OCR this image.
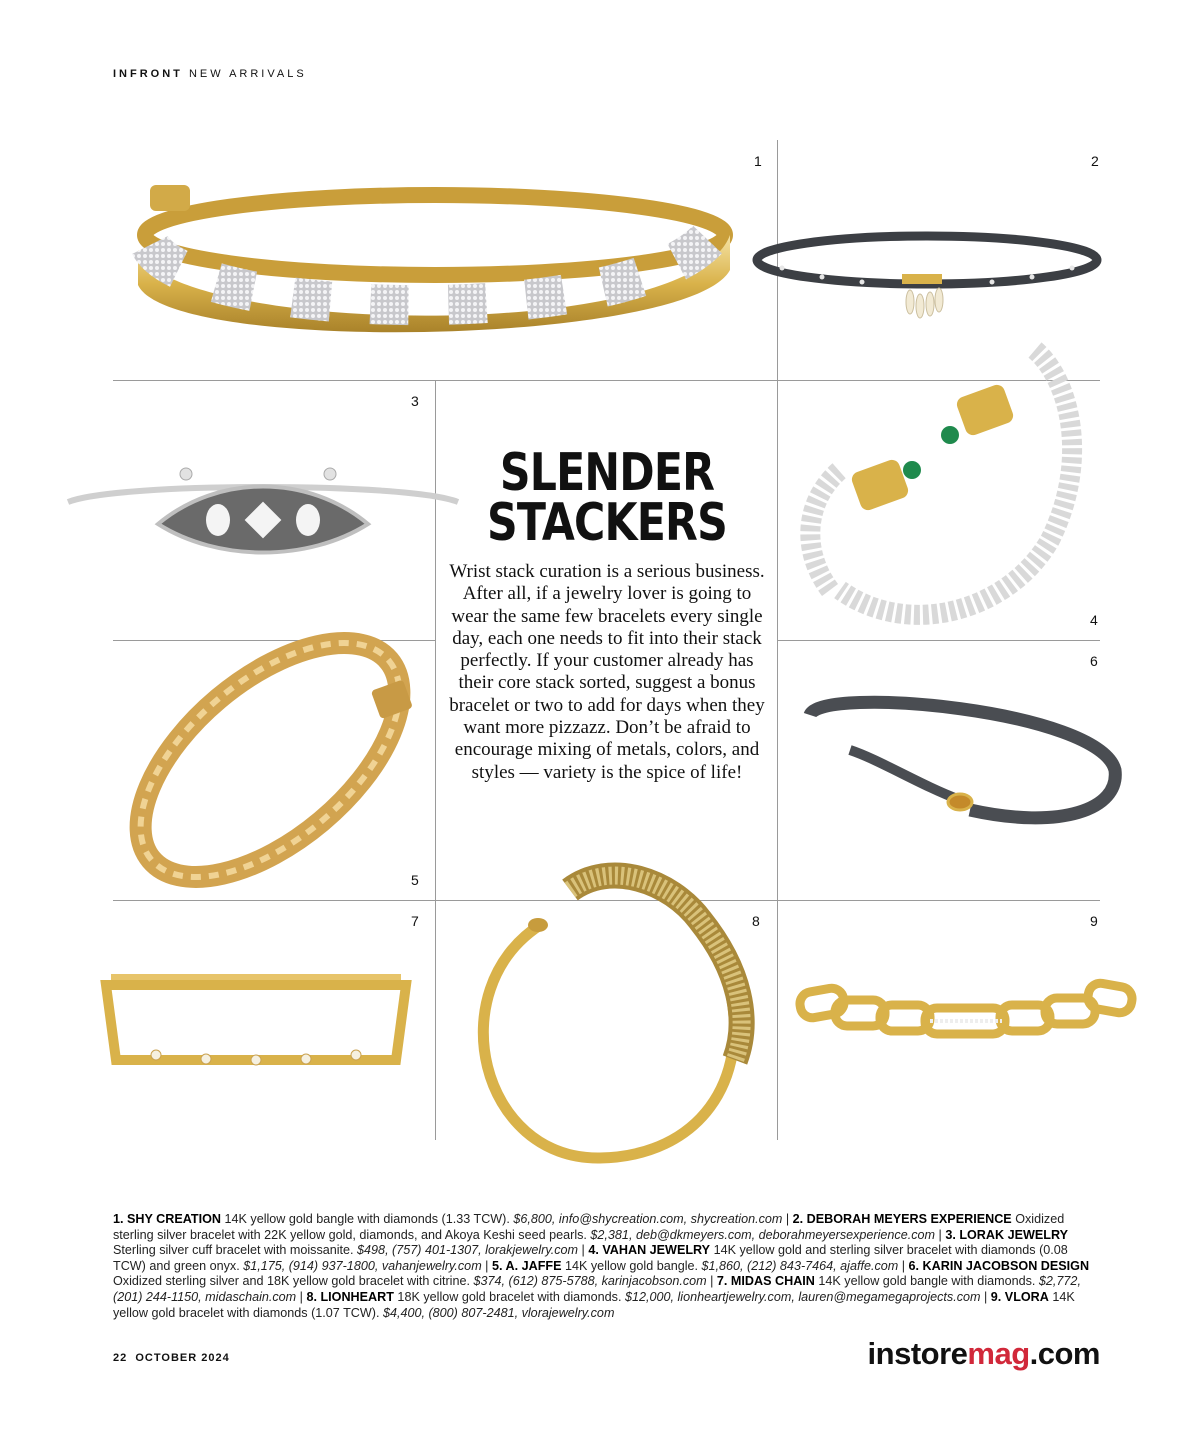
INFRONT NEW ARRIVALS
1	2
3
4
5
6
7	8	9
SLENDER
STACKERS
Wrist stack curation is a serious business. After all, if a jewelry lover is going to wear the same few bracelets every single day, each one needs to fit into their stack perfectly. If your customer already has their core stack sorted, suggest a bonus bracelet or two to add for days when they want more pizzazz. Don’t be afraid to encourage mixing of metals, colors, and styles — variety is the spice of life!
1. SHY CREATION 14K yellow gold bangle with diamonds (1.33 TCW). $6,800, info@shycreation.com, shycreation.com | 2. DEBORAH MEYERS EXPERIENCE Oxidized sterling silver bracelet with 22K yellow gold, diamonds, and Akoya Keshi seed pearls. $2,381, deb@dkmeyers.com, deborahmeyersexperience.com | 3. LORAK JEWELRY Sterling silver cuff bracelet with moissanite. $498, (757) 401-1307, lorakjewelry.com | 4. VAHAN JEWELRY 14K yellow gold and sterling silver bracelet with diamonds (0.08 TCW) and green onyx. $1,175, (914) 937-1800, vahanjewelry.com | 5. A. JAFFE 14K yellow gold bangle. $1,860, (212) 843-7464, ajaffe.com | 6. KARIN JACOBSON DESIGN Oxidized sterling silver and 18K yellow gold bracelet with citrine. $374, (612) 875-5788, karinjacobson.com | 7. MIDAS CHAIN 14K yellow gold bangle with diamonds. $2,772, (201) 244-1150, midaschain.com | 8. LIONHEART 18K yellow gold bracelet with diamonds. $12,000, lionheartjewelry.com, lauren@megamegaprojects.com | 9. VLORA 14K yellow gold bracelet with diamonds (1.07 TCW). $4,400, (800) 807-2481, vlorajewelry.com
22 OCTOBER 2024	instoremag.com
